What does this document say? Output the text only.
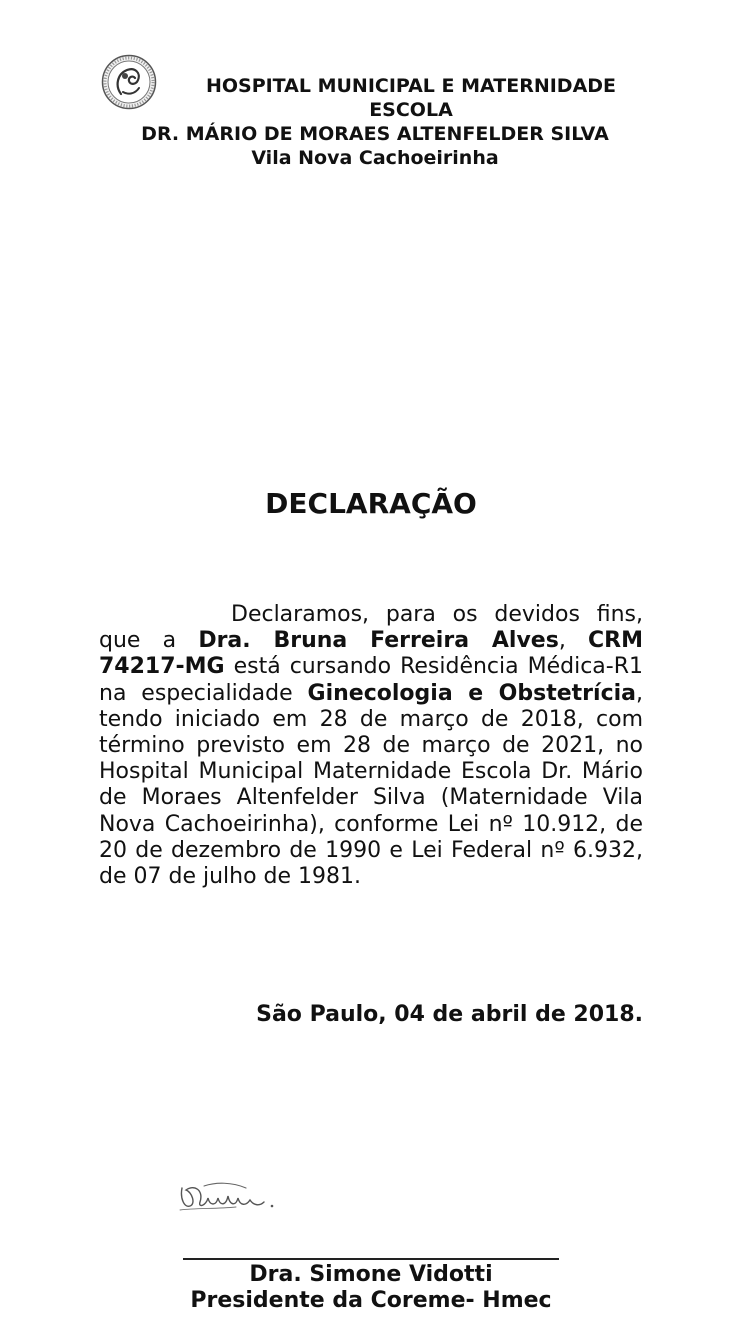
HOSPITAL MUNICIPAL E MATERNIDADE
ESCOLA
DR. MÁRIO DE MORAES ALTENFELDER SILVA
Vila Nova Cachoeirinha
DECLARAÇÃO
Declaramos, para os devidos fins, que a Dra. Bruna Ferreira Alves, CRM 74217-MG está cursando Residência Médica-R1 na especialidade Ginecologia e Obstetrícia, tendo iniciado em 28 de março de 2018, com término previsto em 28 de março de 2021, no Hospital Municipal Maternidade Escola Dr. Mário de Moraes Altenfelder Silva (Maternidade Vila Nova Cachoeirinha), conforme Lei nº 10.912, de 20 de dezembro de 1990 e Lei Federal nº 6.932, de 07 de julho de 1981.
São Paulo, 04 de abril de 2018.
Dra. Simone Vidotti
Presidente da Coreme- Hmec
